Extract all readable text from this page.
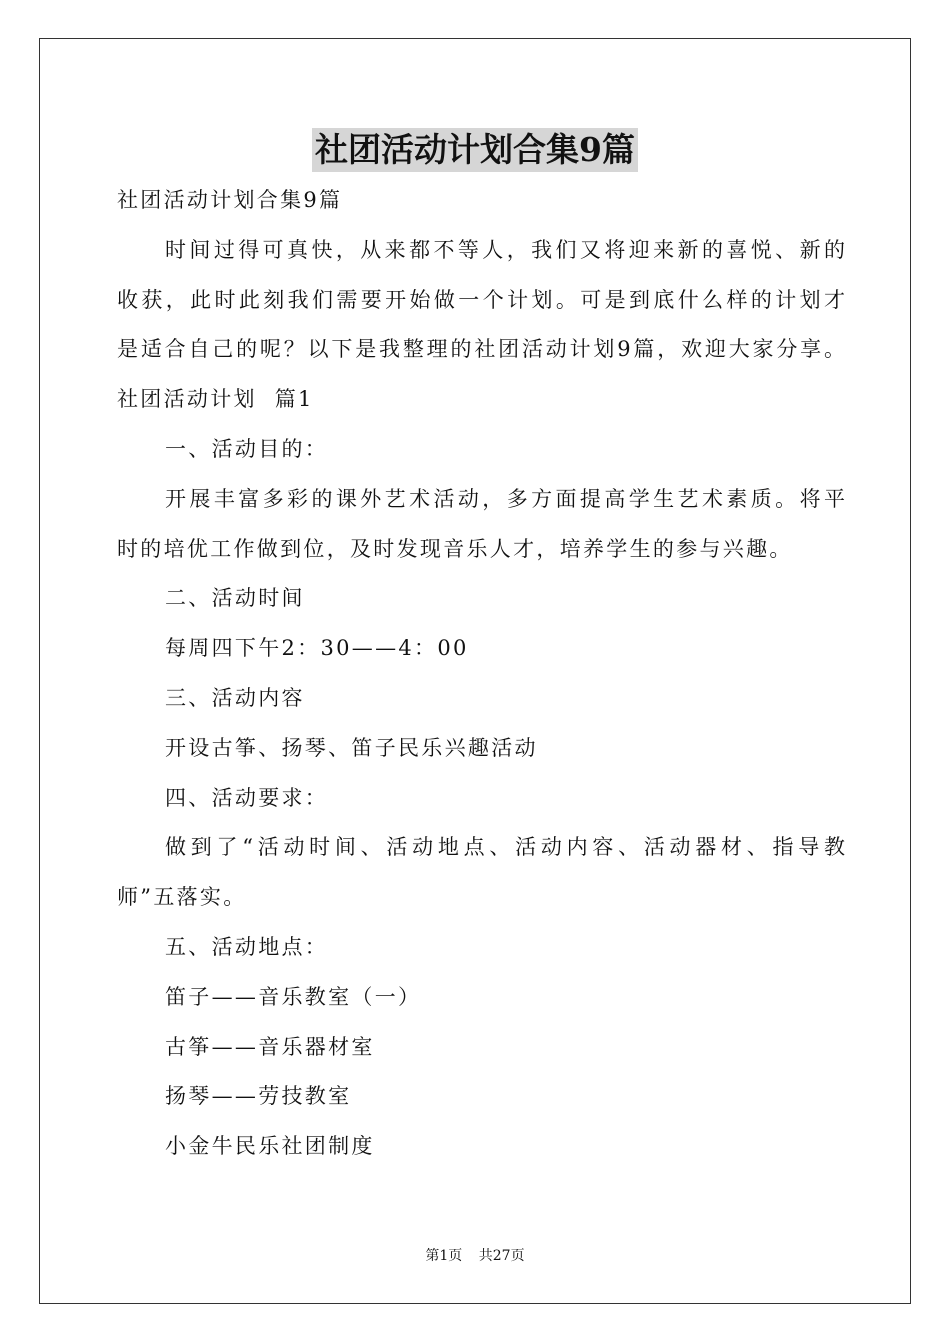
社团活动计划合集9篇
社团活动计划合集9篇
时间过得可真快，从来都不等人，我们又将迎来新的喜悦、新的
收获，此时此刻我们需要开始做一个计划。可是到底什么样的计划才
是适合自己的呢？以下是我整理的社团活动计划9篇，欢迎大家分享。
社团活动计划  篇1
一、活动目的：
开展丰富多彩的课外艺术活动，多方面提高学生艺术素质。将平
时的培优工作做到位，及时发现音乐人才，培养学生的参与兴趣。
二、活动时间
每周四下午2：30——4：00
三、活动内容
开设古筝、扬琴、笛子民乐兴趣活动
四、活动要求：
做到了“活动时间、活动地点、活动内容、活动器材、指导教
师”五落实。
五、活动地点：
笛子——音乐教室（一）
古筝——音乐器材室
扬琴——劳技教室
小金牛民乐社团制度
第1页 共27页
